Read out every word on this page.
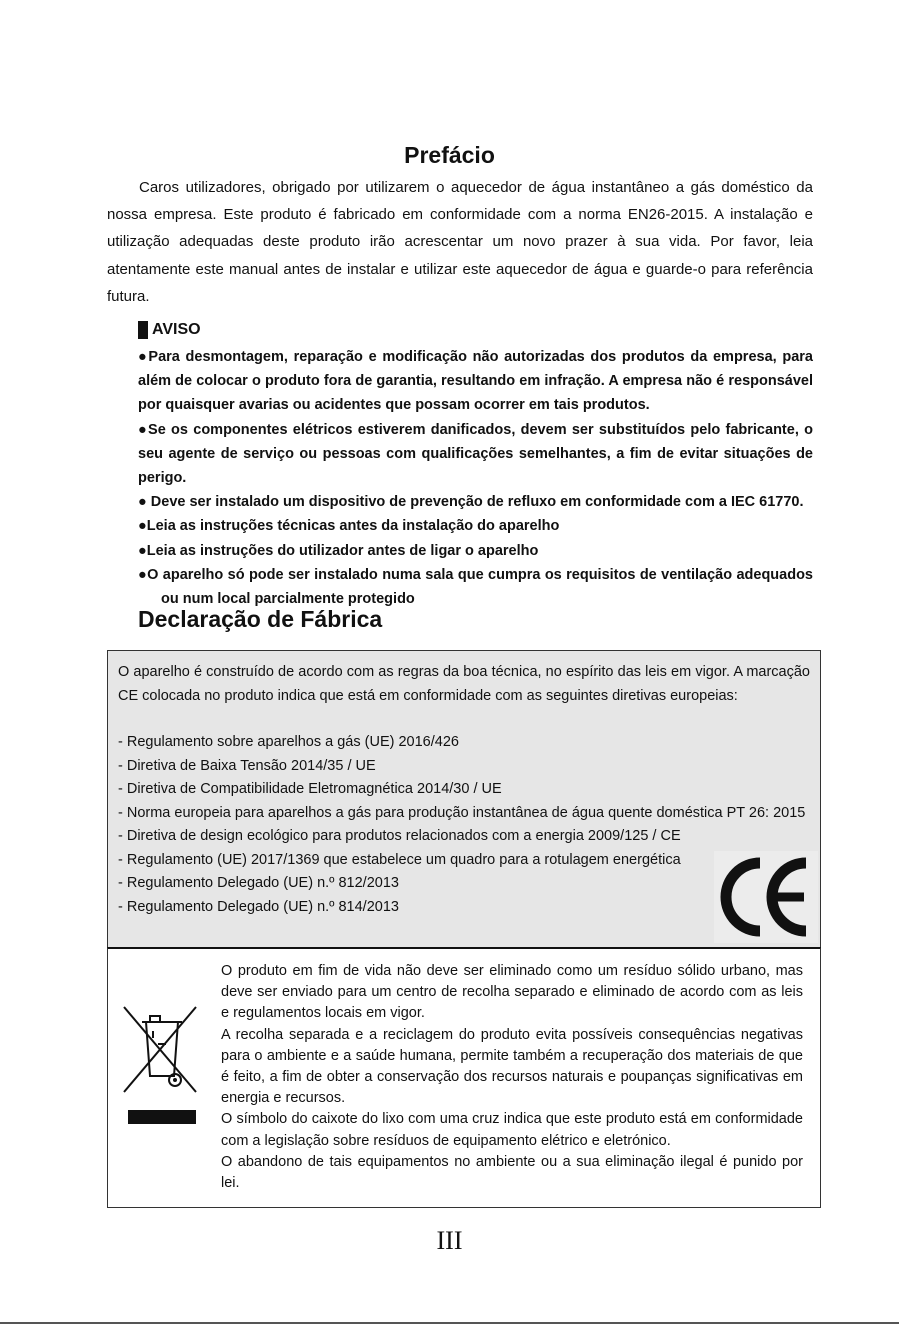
Prefácio

Caros utilizadores, obrigado por utilizarem o aquecedor de água instantâneo a gás doméstico da nossa empresa. Este produto é fabricado em conformidade com a norma EN26-2015. A instalação e utilização adequadas deste produto irão acrescentar um novo prazer à sua vida. Por favor, leia atentamente este manual antes de instalar e utilizar este aquecedor de água e guarde-o para referência futura.

AVISO
●Para desmontagem, reparação e modificação não autorizadas dos produtos da empresa, para além de colocar o produto fora de garantia, resultando em infração. A empresa não é responsável por quaisquer avarias ou acidentes que possam ocorrer em tais produtos.
●Se os componentes elétricos estiverem danificados, devem ser substituídos pelo fabricante, o seu agente de serviço ou pessoas com qualificações semelhantes, a fim de evitar situações de perigo.
● Deve ser instalado um dispositivo de prevenção de refluxo em conformidade com a IEC 61770.
●Leia as instruções técnicas antes da instalação do aparelho
●Leia as instruções do utilizador antes de ligar o aparelho
●O aparelho só pode ser instalado numa sala que cumpra os requisitos de ventilação adequados ou num local parcialmente protegido
Declaração de Fábrica

O aparelho é construído de acordo com as regras da boa técnica, no espírito das leis em vigor. A marcação CE colocada no produto indica que está em conformidade com as seguintes diretivas europeias:

- Regulamento sobre aparelhos a gás (UE) 2016/426
- Diretiva de Baixa Tensão 2014/35 / UE
- Diretiva de Compatibilidade Eletromagnética 2014/30 / UE
- Norma europeia para aparelhos a gás para produção instantânea de água quente doméstica PT 26: 2015
- Diretiva de design ecológico para produtos relacionados com a energia 2009/125 / CE
- Regulamento (UE) 2017/1369 que estabelece um quadro para a rotulagem energética
- Regulamento Delegado (UE) n.º 812/2013
- Regulamento Delegado (UE) n.º 814/2013

O produto em fim de vida não deve ser eliminado como um resíduo sólido urbano, mas deve ser enviado para um centro de recolha separado e eliminado de acordo com as leis e regulamentos locais em vigor.

A recolha separada e a reciclagem do produto evita possíveis consequências negativas para o ambiente e a saúde humana, permite também a recuperação dos materiais de que é feito, a fim de obter a conservação dos recursos naturais e poupanças significativas em energia e recursos.

O símbolo do caixote do lixo com uma cruz indica que este produto está em conformidade com a legislação sobre resíduos de equipamento elétrico e eletrónico.

O abandono de tais equipamentos no ambiente ou a sua eliminação ilegal é punido por lei.

III
